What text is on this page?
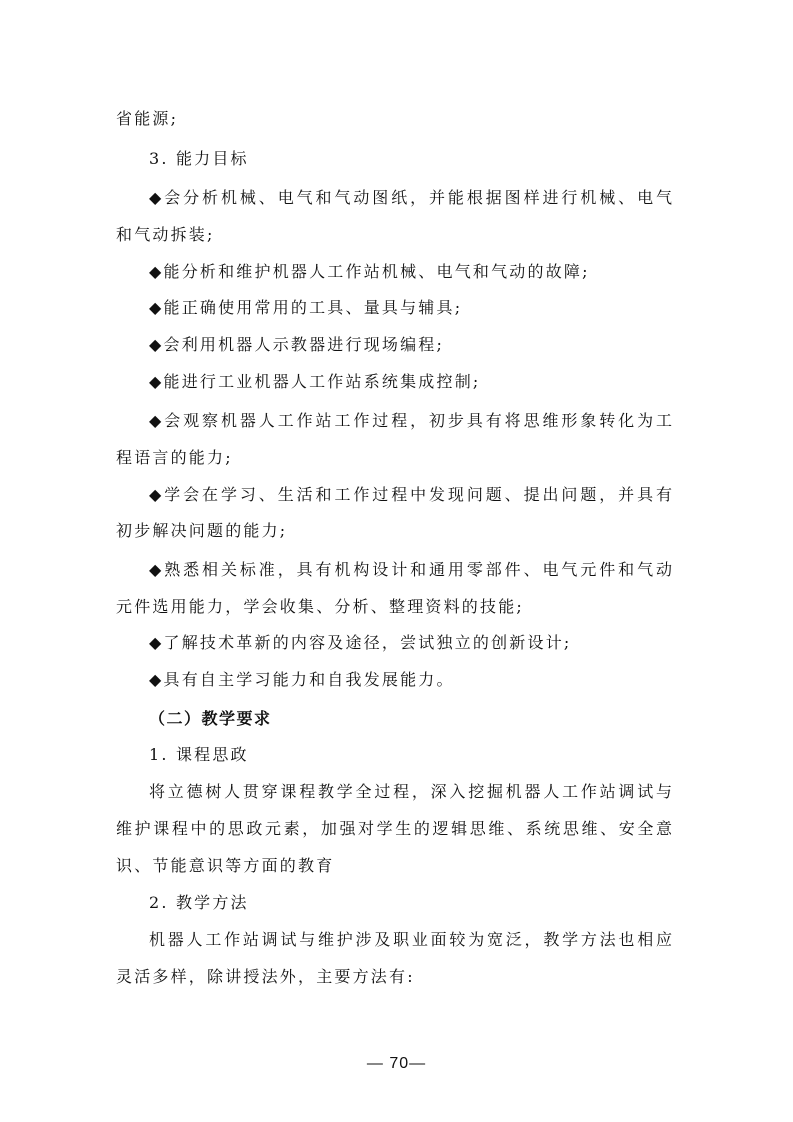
省能源;
3. 能力目标
◆会分析机械、电气和气动图纸，并能根据图样进行机械、电气
和气动拆装;
◆能分析和维护机器人工作站机械、电气和气动的故障;
◆能正确使用常用的工具、量具与辅具;
◆会利用机器人示教器进行现场编程;
◆能进行工业机器人工作站系统集成控制;
◆会观察机器人工作站工作过程，初步具有将思维形象转化为工
程语言的能力;
◆学会在学习、生活和工作过程中发现问题、提出问题，并具有
初步解决问题的能力;
◆熟悉相关标准，具有机构设计和通用零部件、电气元件和气动
元件选用能力，学会收集、分析、整理资料的技能;
◆了解技术革新的内容及途径，尝试独立的创新设计;
◆具有自主学习能力和自我发展能力。
（二）教学要求
1. 课程思政
将立德树人贯穿课程教学全过程，深入挖掘机器人工作站调试与
维护课程中的思政元素，加强对学生的逻辑思维、系统思维、安全意
识、节能意识等方面的教育
2. 教学方法
机器人工作站调试与维护涉及职业面较为宽泛，教学方法也相应
灵活多样，除讲授法外，主要方法有:
— 70—
